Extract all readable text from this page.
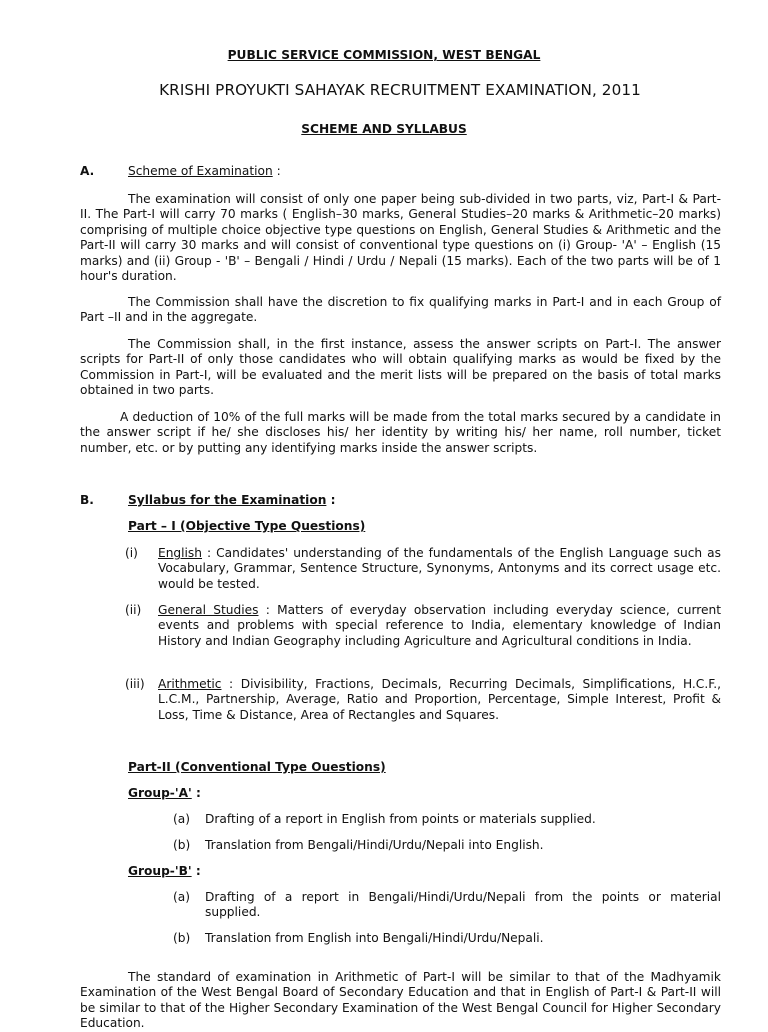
PUBLIC SERVICE COMMISSION, WEST BENGAL
KRISHI PROYUKTI SAHAYAK RECRUITMENT EXAMINATION, 2011
SCHEME AND SYLLABUS
A.	Scheme of Examination :
The examination will consist of only one paper being sub-divided in two parts, viz, Part-I & Part-II. The Part-I will carry 70 marks ( English–30 marks, General Studies–20 marks & Arithmetic–20 marks) comprising of multiple choice objective type questions on English, General Studies & Arithmetic and the Part-II will carry 30 marks and will consist of conventional type questions on (i) Group- 'A' – English (15 marks) and (ii) Group - 'B' – Bengali / Hindi / Urdu / Nepali (15 marks). Each of the two parts will be of 1 hour's duration.
The Commission shall have the discretion to fix qualifying marks in Part-I and in each Group of Part –II and in the aggregate.
The Commission shall, in the first instance, assess the answer scripts on Part-I. The answer scripts for Part-II of only those candidates who will obtain qualifying marks as would be fixed by the Commission in Part-I, will be evaluated and the merit lists will be prepared on the basis of total marks obtained in two parts.
A deduction of 10% of the full marks will be made from the total marks secured by a candidate in the answer script if he/ she discloses his/ her identity by writing his/ her name, roll number, ticket number, etc. or by putting any identifying marks inside the answer scripts.
B.	Syllabus for the Examination :
Part – I (Objective Type Questions)
(i) English : Candidates' understanding of the fundamentals of the English Language such as Vocabulary, Grammar, Sentence Structure, Synonyms, Antonyms and its correct usage etc. would be tested.
(ii) General Studies : Matters of everyday observation including everyday science, current events and problems with special reference to India, elementary knowledge of Indian History and Indian Geography including Agriculture and Agricultural conditions in India.
(iii) Arithmetic : Divisibility, Fractions, Decimals, Recurring Decimals, Simplifications, H.C.F., L.C.M., Partnership, Average, Ratio and Proportion, Percentage, Simple Interest, Profit & Loss, Time & Distance, Area of Rectangles and Squares.
Part-II (Conventional Type Ouestions)
Group-'A' :
(a) Drafting of a report in English from points or materials supplied.
(b) Translation from Bengali/Hindi/Urdu/Nepali into English.
Group-'B' :
(a) Drafting of a report in Bengali/Hindi/Urdu/Nepali from the points or material supplied.
(b) Translation from English into Bengali/Hindi/Urdu/Nepali.
The standard of examination in Arithmetic of Part-I will be similar to that of the Madhyamik Examination of the West Bengal Board of Secondary Education and that in English of Part-I & Part-II will be similar to that of the Higher Secondary Examination of the West Bengal Council for Higher Secondary Education.
